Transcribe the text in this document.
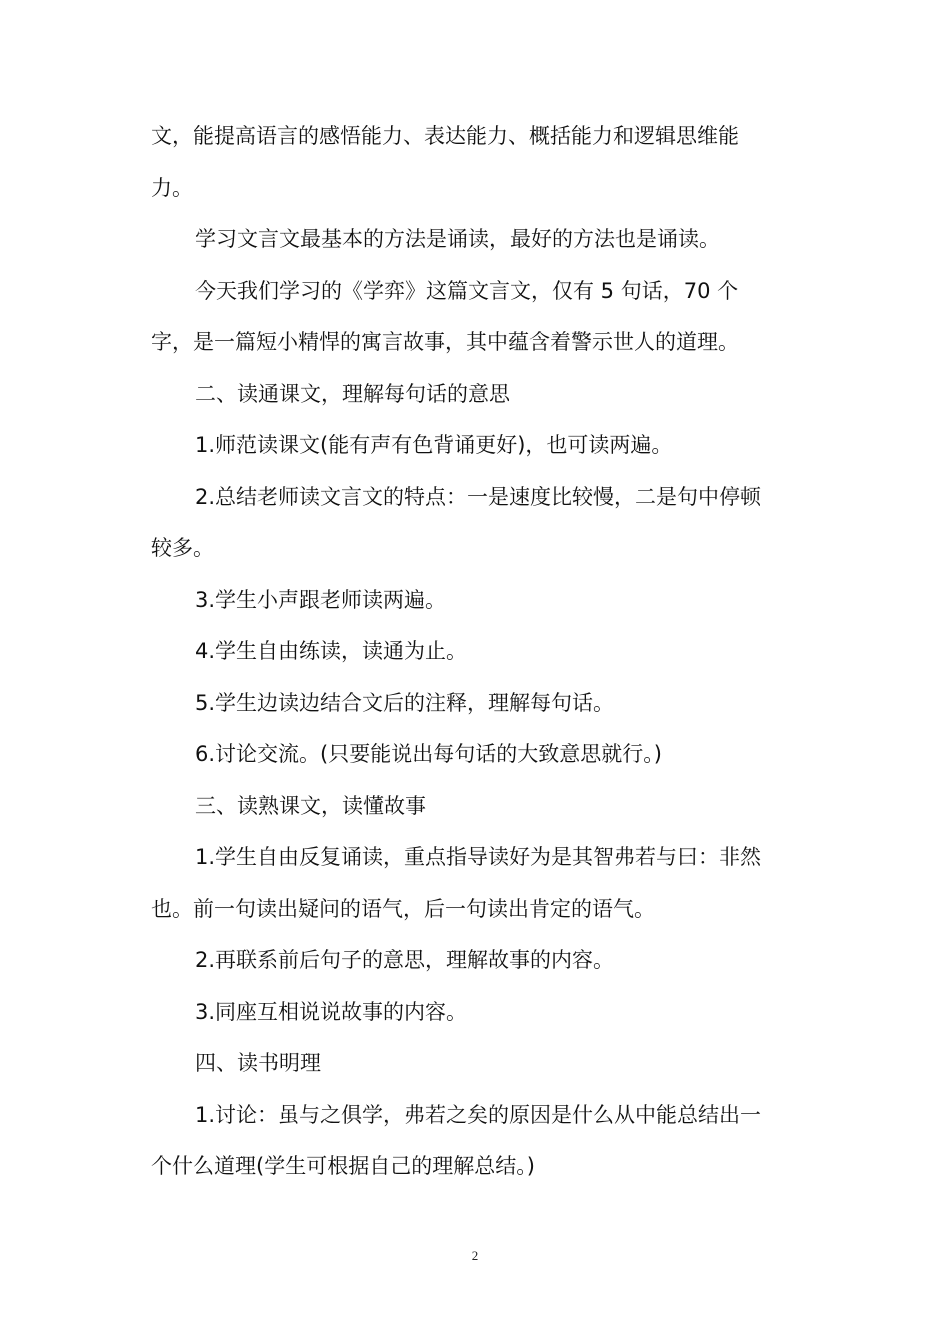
文，能提高语言的感悟能力、表达能力、概括能力和逻辑思维能

力。

学习文言文最基本的方法是诵读，最好的方法也是诵读。

今天我们学习的《学弈》这篇文言文，仅有 5 句话，70 个

字，是一篇短小精悍的寓言故事，其中蕴含着警示世人的道理。

二、读通课文，理解每句话的意思

1.师范读课文(能有声有色背诵更好)，也可读两遍。

2.总结老师读文言文的特点：一是速度比较慢，二是句中停顿

较多。

3.学生小声跟老师读两遍。

4.学生自由练读，读通为止。

5.学生边读边结合文后的注释，理解每句话。

6.讨论交流。(只要能说出每句话的大致意思就行。)

三、读熟课文，读懂故事

1.学生自由反复诵读，重点指导读好为是其智弗若与曰：非然

也。前一句读出疑问的语气，后一句读出肯定的语气。

2.再联系前后句子的意思，理解故事的内容。

3.同座互相说说故事的内容。

四、读书明理

1.讨论：虽与之俱学，弗若之矣的原因是什么从中能总结出一

个什么道理(学生可根据自己的理解总结。)

2
